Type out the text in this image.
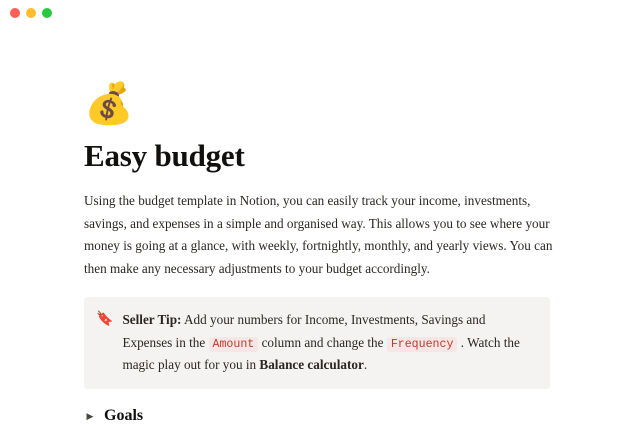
💰
Easy budget

Using the budget template in Notion, you can easily track your income, investments, savings, and expenses in a simple and organised way. This allows you to see where your money is going at a glance, with weekly, fortnightly, monthly, and yearly views. You can then make any necessary adjustments to your budget accordingly.

🔖 Seller Tip: Add your numbers for Income, Investments, Savings and Expenses in the Amount column and change the Frequency . Watch the magic play out for you in Balance calculator.
▶ Goals
